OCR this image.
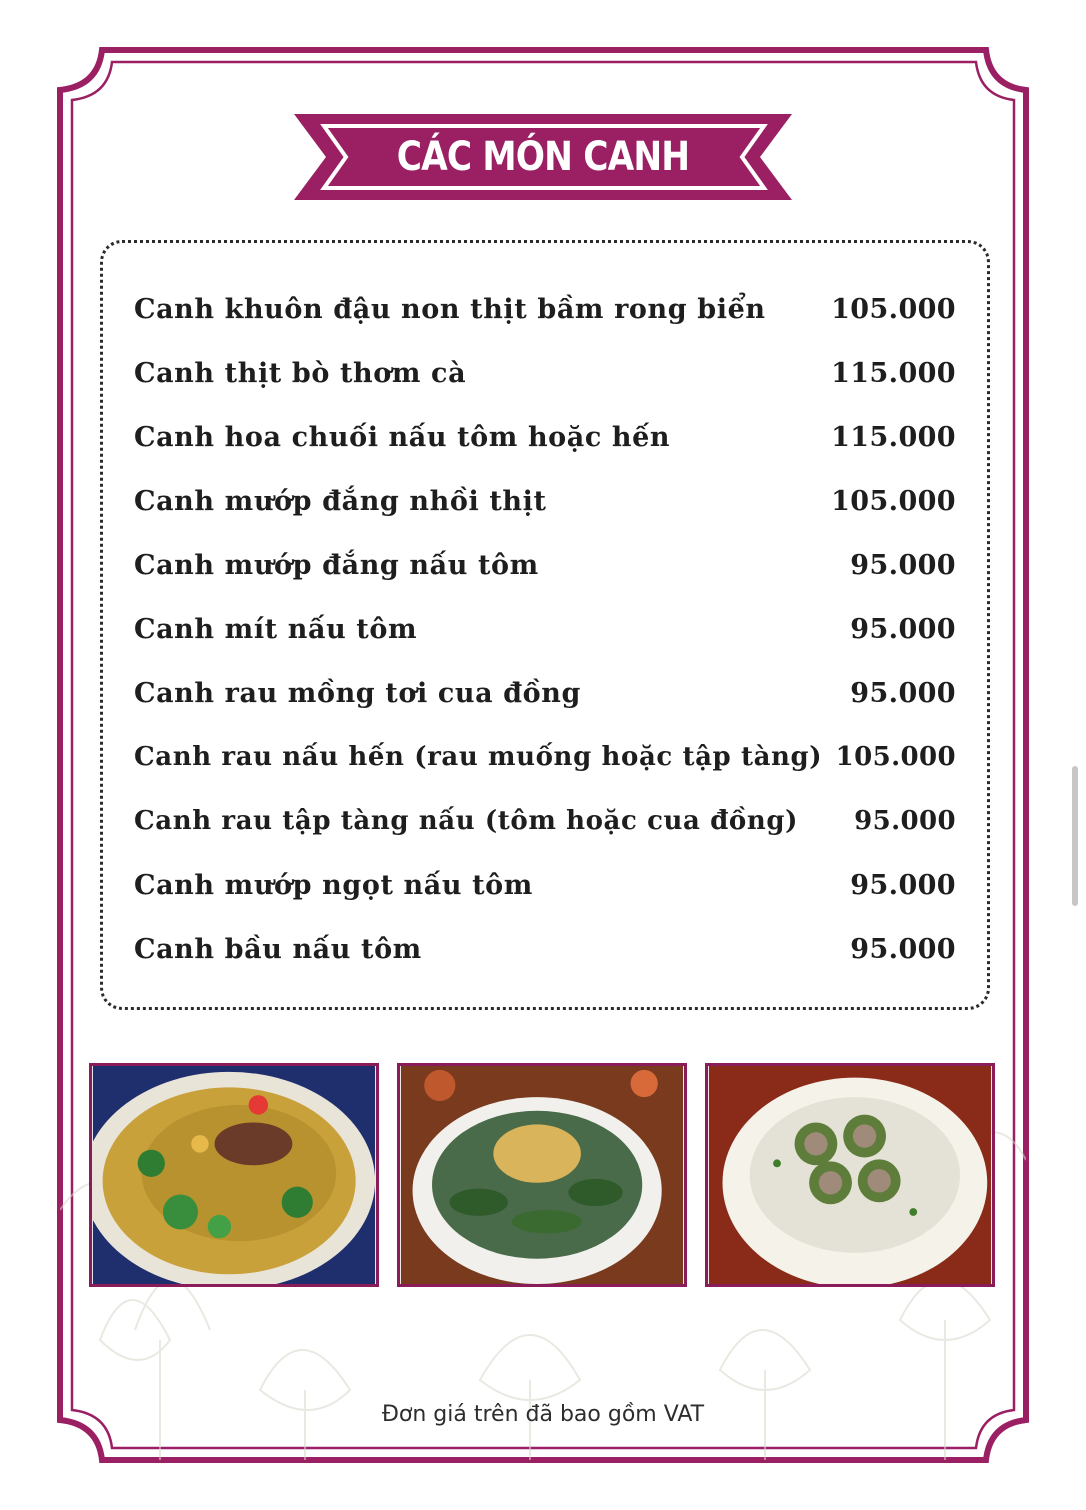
CÁC MÓN CANH
Canh khuôn đậu non thịt bầm rong biển 105.000
Canh thịt bò thơm cà	115.000
Canh hoa chuối nấu tôm hoặc hến	115.000
Canh mướp đắng nhồi thịt	105.000
Canh mướp đắng nấu tôm	95.000
Canh mít nấu tôm	95.000
Canh rau mồng tơi cua đồng	95.000
Canh rau nấu hến (rau muống hoặc tập tàng) 105.000
Canh rau tập tàng nấu (tôm hoặc cua đồng) 95.000
Canh mướp ngọt nấu tôm	95.000
Canh bầu nấu tôm	95.000
Đơn giá trên đã bao gồm VAT
